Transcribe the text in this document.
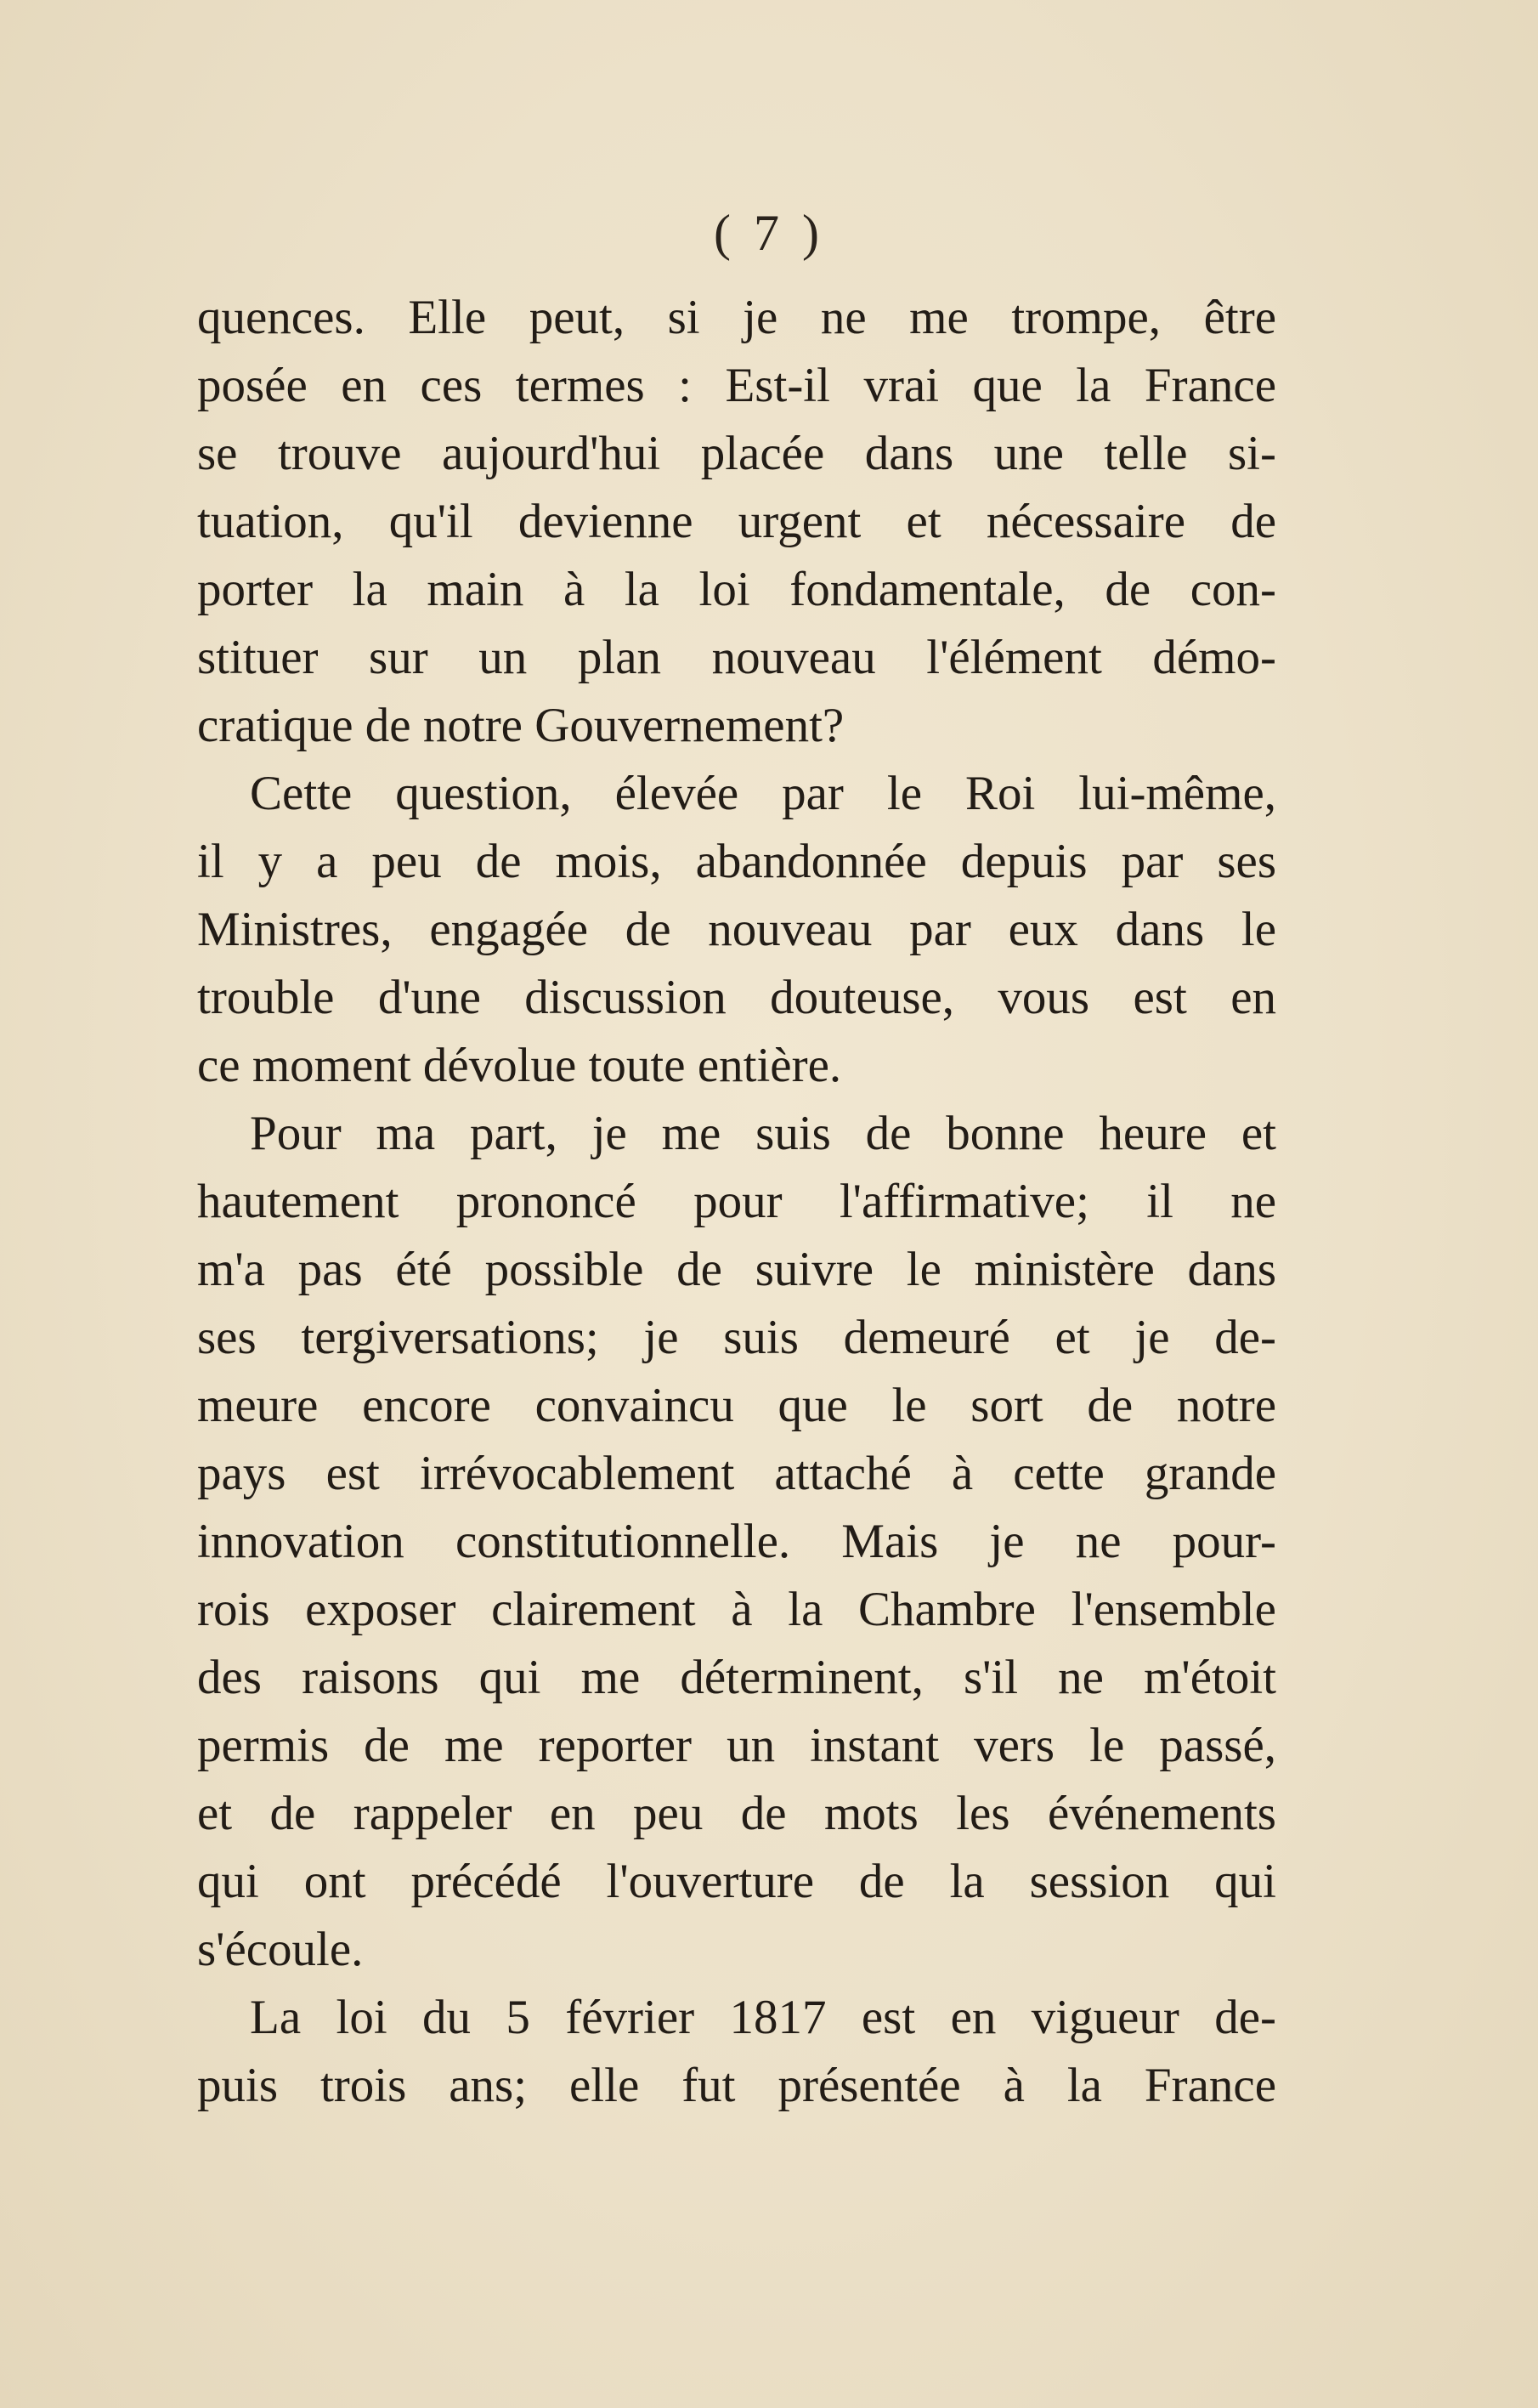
( 7 )
quences. Elle peut, si je ne me trompe, être
posée en ces termes : Est-il vrai que la France
se trouve aujourd'hui placée dans une telle si-
tuation, qu'il devienne urgent et nécessaire de
porter la main à la loi fondamentale, de con-
stituer sur un plan nouveau l'élément démo-
cratique de notre Gouvernement?
Cette question, élevée par le Roi lui-même,
il y a peu de mois, abandonnée depuis par ses
Ministres, engagée de nouveau par eux dans le
trouble d'une discussion douteuse, vous est en
ce moment dévolue toute entière.
Pour ma part, je me suis de bonne heure et
hautement prononcé pour l'affirmative; il ne
m'a pas été possible de suivre le ministère dans
ses tergiversations; je suis demeuré et je de-
meure encore convaincu que le sort de notre
pays est irrévocablement attaché à cette grande
innovation constitutionnelle. Mais je ne pour-
rois exposer clairement à la Chambre l'ensemble
des raisons qui me déterminent, s'il ne m'étoit
permis de me reporter un instant vers le passé,
et de rappeler en peu de mots les événements
qui ont précédé l'ouverture de la session qui
s'écoule.
La loi du 5 février 1817 est en vigueur de-
puis trois ans; elle fut présentée à la France
